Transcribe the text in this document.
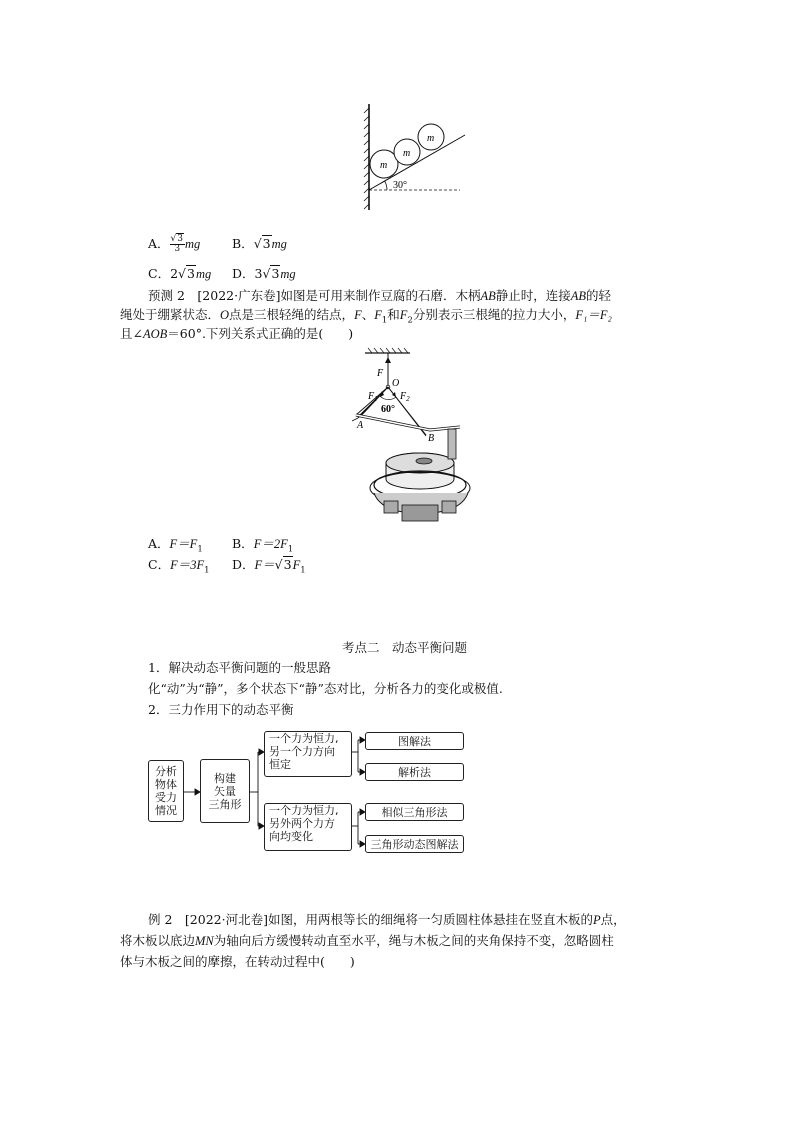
m
m
m
30°
A． $\frac{√3}{3}$ mg	B．√3mg
C．2√3mg D．3√3mg
预测 2　[2022·广东卷]如图是可用来制作豆腐的石磨．木柄AB静止时，连接AB的轻
绳处于绷紧状态．O点是三根轻绳的结点，F、$F_1$和$F_2$分别表示三根绳的拉力大小，F₁＝F₂
且∠AOB＝60°.下列关系式正确的是(　　)
F
O
$F_1$ $F_2$
60°
A
B
A．$F=F_1$ B．$F=2F_1$
C．$F=3F_1$ D．$F=√3F_1$
考点二　动态平衡问题
1．解决动态平衡问题的一般思路
化“动”为“静”，多个状态下“静”态对比，分析各力的变化或极值.
2．三力作用下的动态平衡
分析
物体
受力
情况
构建
矢量
三角形
一个力为恒力,
另一个力方向
恒定
一个力为恒力,
另外两个力方
向均变化
图解法
解析法
相似三角形法
三角形动态图解法
例 2　[2022·河北卷]如图，用两根等长的细绳将一匀质圆柱体悬挂在竖直木板的P点，
将木板以底边MN为轴向后方缓慢转动直至水平，绳与木板之间的夹角保持不变，忽略圆柱
体与木板之间的摩擦，在转动过程中(　　)
